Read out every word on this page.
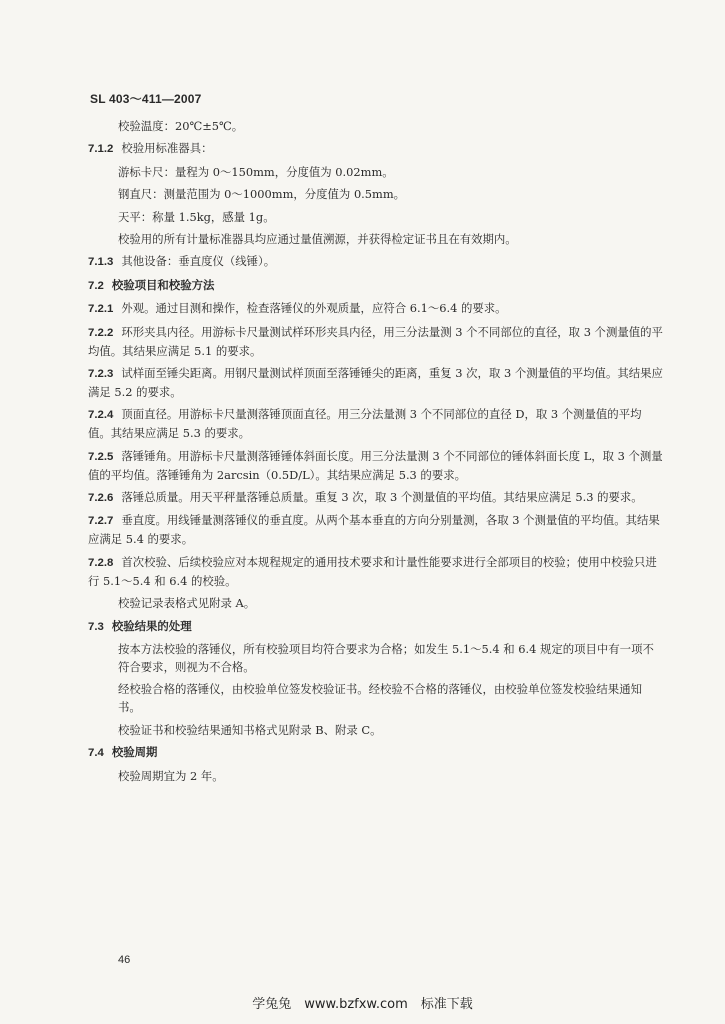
SL 403～411—2007
校验温度：20℃±5℃。
7.1.2 校验用标准器具：
游标卡尺：量程为 0～150mm，分度值为 0.02mm。
钢直尺：测量范围为 0～1000mm，分度值为 0.5mm。
天平：称量 1.5kg，感量 1g。
校验用的所有计量标准器具均应通过量值溯源，并获得检定证书且在有效期内。
7.1.3 其他设备：垂直度仪（线锤）。
7.2 校验项目和校验方法
7.2.1 外观。通过目测和操作，检查落锤仪的外观质量，应符合 6.1～6.4 的要求。
7.2.2 环形夹具内径。用游标卡尺量测试样环形夹具内径，用三分法量测 3 个不同部位的直径，取 3 个测量值的平均值。其结果应满足 5.1 的要求。
7.2.3 试样面至锤尖距离。用钢尺量测试样顶面至落锤锤尖的距离，重复 3 次，取 3 个测量值的平均值。其结果应满足 5.2 的要求。
7.2.4 顶面直径。用游标卡尺量测落锤顶面直径。用三分法量测 3 个不同部位的直径 D，取 3 个测量值的平均值。其结果应满足 5.3 的要求。
7.2.5 落锤锤角。用游标卡尺量测落锤锤体斜面长度。用三分法量测 3 个不同部位的锤体斜面长度 L，取 3 个测量值的平均值。落锤锤角为 2arcsin（0.5D/L）。其结果应满足 5.3 的要求。
7.2.6 落锤总质量。用天平秤量落锤总质量。重复 3 次，取 3 个测量值的平均值。其结果应满足 5.3 的要求。
7.2.7 垂直度。用线锤量测落锤仪的垂直度。从两个基本垂直的方向分别量测，各取 3 个测量值的平均值。其结果应满足 5.4 的要求。
7.2.8 首次校验、后续校验应对本规程规定的通用技术要求和计量性能要求进行全部项目的校验；使用中校验只进行 5.1～5.4 和 6.4 的校验。
校验记录表格式见附录 A。
7.3 校验结果的处理
按本方法校验的落锤仪，所有校验项目均符合要求为合格；如发生 5.1～5.4 和 6.4 规定的项目中有一项不符合要求，则视为不合格。
经校验合格的落锤仪，由校验单位签发校验证书。经校验不合格的落锤仪，由校验单位签发校验结果通知书。
校验证书和校验结果通知书格式见附录 B、附录 C。
7.4 校验周期
校验周期宜为 2 年。
46
学兔兔　www.bzfxw.com　标准下载
